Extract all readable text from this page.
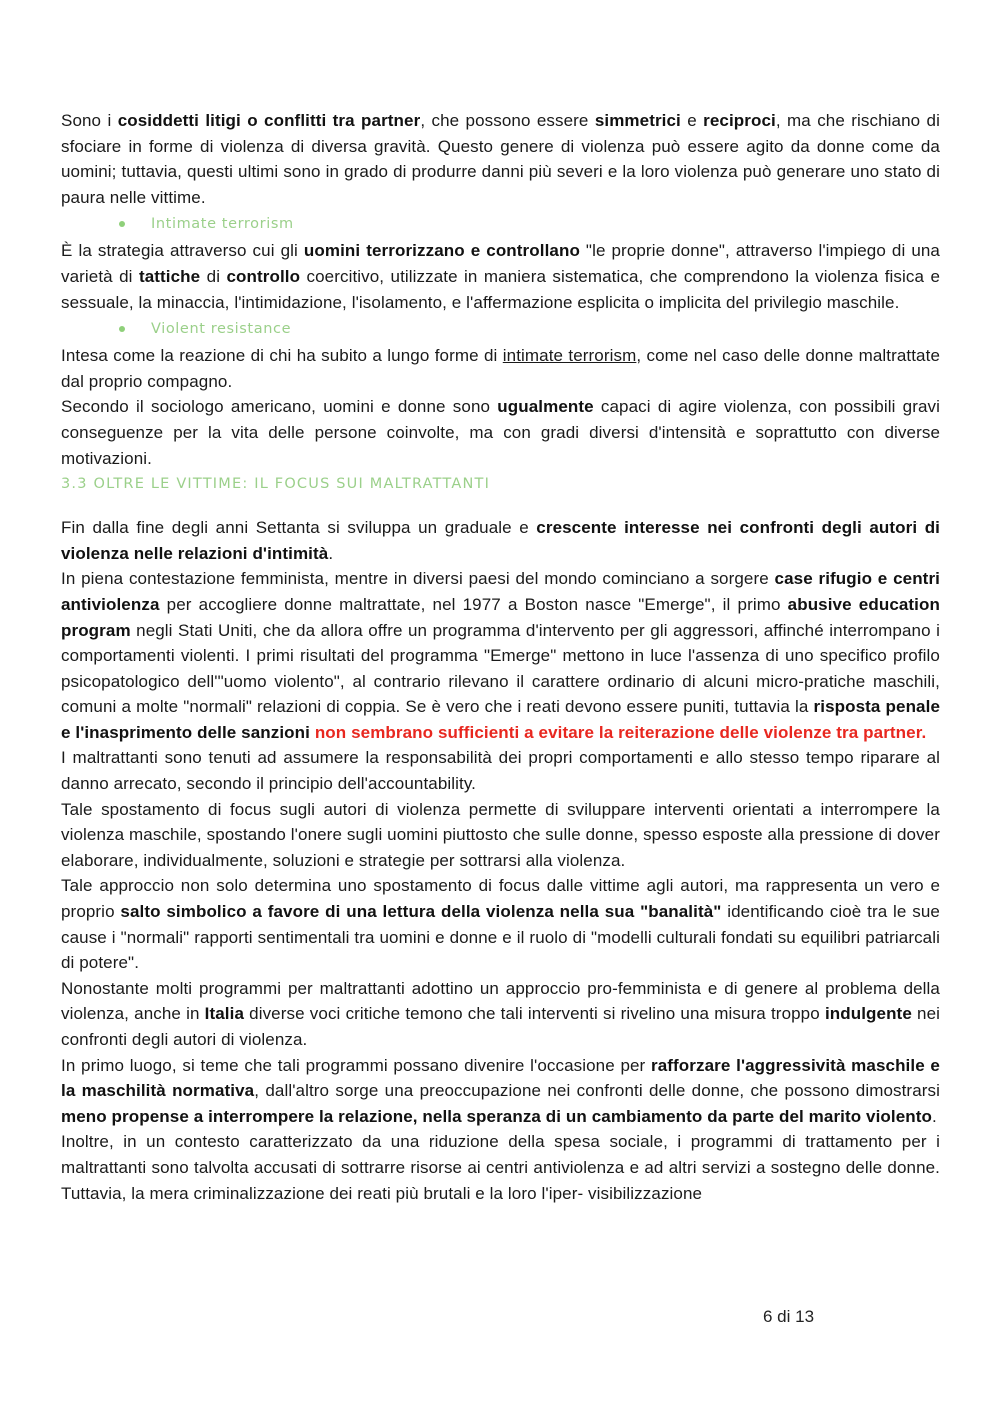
Sono i cosiddetti litigi o conflitti tra partner, che possono essere simmetrici e reciproci, ma che rischiano di sfociare in forme di violenza di diversa gravità. Questo genere di violenza può essere agito da donne come da uomini; tuttavia, questi ultimi sono in grado di produrre danni più severi e la loro violenza può generare uno stato di paura nelle vittime.

Intimate terrorism

È la strategia attraverso cui gli uomini terrorizzano e controllano "le proprie donne", attraverso l'impiego di una varietà di tattiche di controllo coercitivo, utilizzate in maniera sistematica, che comprendono la violenza fisica e sessuale, la minaccia, l'intimidazione, l'isolamento, e l'affermazione esplicita o implicita del privilegio maschile.

Violent resistance

Intesa come la reazione di chi ha subito a lungo forme di intimate terrorism, come nel caso delle donne maltrattate dal proprio compagno.

Secondo il sociologo americano, uomini e donne sono ugualmente capaci di agire violenza, con possibili gravi conseguenze per la vita delle persone coinvolte, ma con gradi diversi d'intensità e soprattutto con diverse motivazioni.

3.3 OLTRE LE VITTIME: IL FOCUS SUI MALTRATTANTI

Fin dalla fine degli anni Settanta si sviluppa un graduale e crescente interesse nei confronti degli autori di violenza nelle relazioni d'intimità.

In piena contestazione femminista, mentre in diversi paesi del mondo cominciano a sorgere case rifugio e centri antiviolenza per accogliere donne maltrattate, nel 1977 a Boston nasce "Emerge", il primo abusive education program negli Stati Uniti, che da allora offre un programma d'intervento per gli aggressori, affinché interrompano i comportamenti violenti. I primi risultati del programma "Emerge" mettono in luce l'assenza di uno specifico profilo psicopatologico dell'"uomo violento", al contrario rilevano il carattere ordinario di alcuni micro-pratiche maschili, comuni a molte "normali" relazioni di coppia. Se è vero che i reati devono essere puniti, tuttavia la risposta penale e l'inasprimento delle sanzioni non sembrano sufficienti a evitare la reiterazione delle violenze tra partner.

I maltrattanti sono tenuti ad assumere la responsabilità dei propri comportamenti e allo stesso tempo riparare al danno arrecato, secondo il principio dell'accountability.

Tale spostamento di focus sugli autori di violenza permette di sviluppare interventi orientati a interrompere la violenza maschile, spostando l'onere sugli uomini piuttosto che sulle donne, spesso esposte alla pressione di dover elaborare, individualmente, soluzioni e strategie per sottrarsi alla violenza.

Tale approccio non solo determina uno spostamento di focus dalle vittime agli autori, ma rappresenta un vero e proprio salto simbolico a favore di una lettura della violenza nella sua "banalità" identificando cioè tra le sue cause i "normali" rapporti sentimentali tra uomini e donne e il ruolo di "modelli culturali fondati su equilibri patriarcali di potere".

Nonostante molti programmi per maltrattanti adottino un approccio pro-femminista e di genere al problema della violenza, anche in Italia diverse voci critiche temono che tali interventi si rivelino una misura troppo indulgente nei confronti degli autori di violenza.

In primo luogo, si teme che tali programmi possano divenire l'occasione per rafforzare l'aggressività maschile e la maschilità normativa, dall'altro sorge una preoccupazione nei confronti delle donne, che possono dimostrarsi meno propense a interrompere la relazione, nella speranza di un cambiamento da parte del marito violento.

Inoltre, in un contesto caratterizzato da una riduzione della spesa sociale, i programmi di trattamento per i maltrattanti sono talvolta accusati di sottrarre risorse ai centri antiviolenza e ad altri servizi a sostegno delle donne. Tuttavia, la mera criminalizzazione dei reati più brutali e la loro l'iper- visibilizzazione

6 di 13
